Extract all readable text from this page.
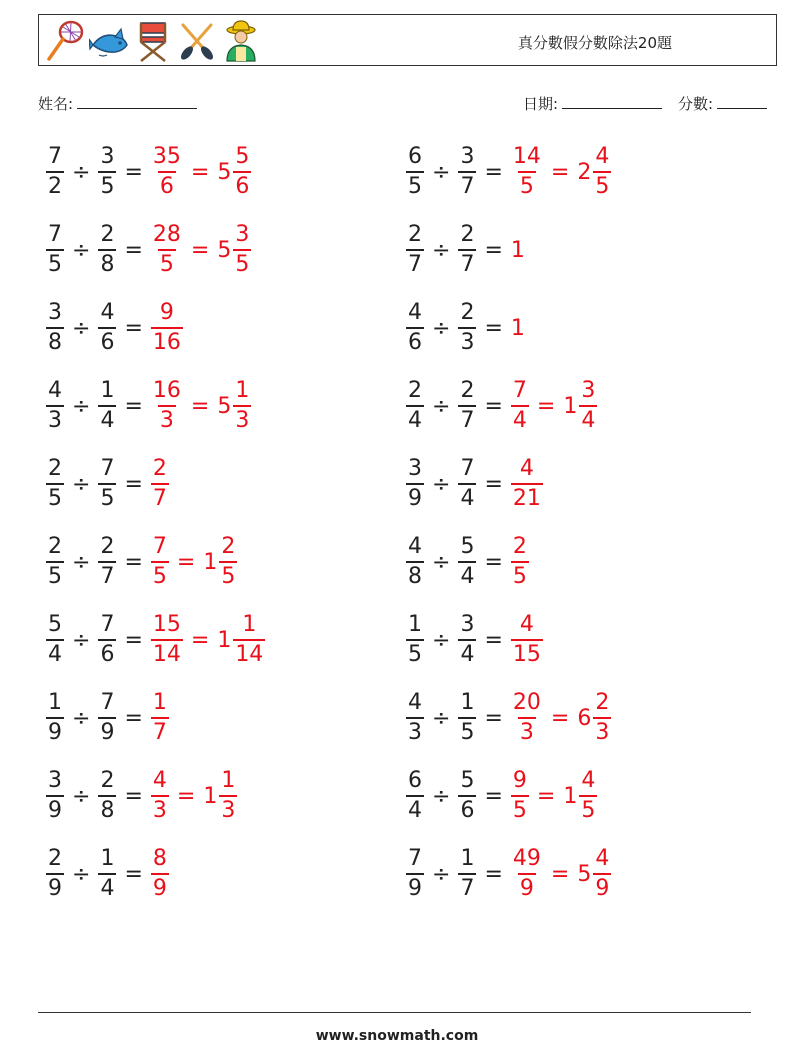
真分數假分數除法20題
姓名:	日期:	分數:
$\frac{7}{2} \div \frac{3}{5} = \frac{35}{6} = 5 \frac{5}{6}$	$\frac{6}{5} \div \frac{3}{7} = \frac{14}{5} = 2 \frac{4}{5}$
$\frac{7}{5} \div \frac{2}{8} = \frac{28}{5} = 5 \frac{3}{5}$	$\frac{2}{7} \div \frac{2}{7} = 1$
$\frac{3}{8} \div \frac{4}{6} = \frac{9}{16}$	$\frac{4}{6} \div \frac{2}{3} = 1$
$\frac{4}{3} \div \frac{1}{4} = \frac{16}{3} = 5 \frac{1}{3}$	$\frac{2}{4} \div \frac{2}{7} = \frac{7}{4} = 1 \frac{3}{4}$
$\frac{2}{5} \div \frac{7}{5} = \frac{2}{7}$	$\frac{3}{9} \div \frac{7}{4} = \frac{4}{21}$
$\frac{2}{5} \div \frac{2}{7} = \frac{7}{5} = 1 \frac{2}{5}$	$\frac{4}{8} \div \frac{5}{4} = \frac{2}{5}$
$\frac{5}{4} \div \frac{7}{6} = \frac{15}{14} = 1 \frac{1}{14}$	$\frac{1}{5} \div \frac{3}{4} = \frac{4}{15}$
$\frac{1}{9} \div \frac{7}{9} = \frac{1}{7}$	$\frac{4}{3} \div \frac{1}{5} = \frac{20}{3} = 6 \frac{2}{3}$
$\frac{3}{9} \div \frac{2}{8} = \frac{4}{3} = 1 \frac{1}{3}$	$\frac{6}{4} \div \frac{5}{6} = \frac{9}{5} = 1 \frac{4}{5}$
$\frac{2}{9} \div \frac{1}{4} = \frac{8}{9}$	$\frac{7}{9} \div \frac{1}{7} = \frac{49}{9} = 5 \frac{4}{9}$
www.snowmath.com
